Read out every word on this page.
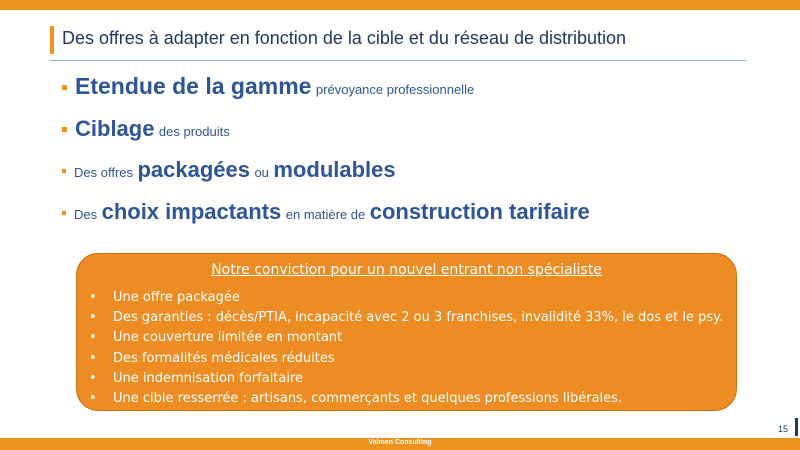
Des offres à adapter en fonction de la cible et du réseau de distribution
Etendue de la gamme prévoyance professionnelle
Ciblage des produits
Des offres packagées ou modulables
Des choix impactants en matière de construction tarifaire
Notre conviction pour un nouvel entrant non spécialiste
• Une offre packagée
• Des garanties : décès/PTIA, incapacité avec 2 ou 3 franchises, invalidité 33%, le dos et le psy.
• Une couverture limitée en montant
• Des formalités médicales réduites
• Une indemnisation forfaitaire
• Une cible resserrée : artisans, commerçants et quelques professions libérales.
15
Valmen Consulting
